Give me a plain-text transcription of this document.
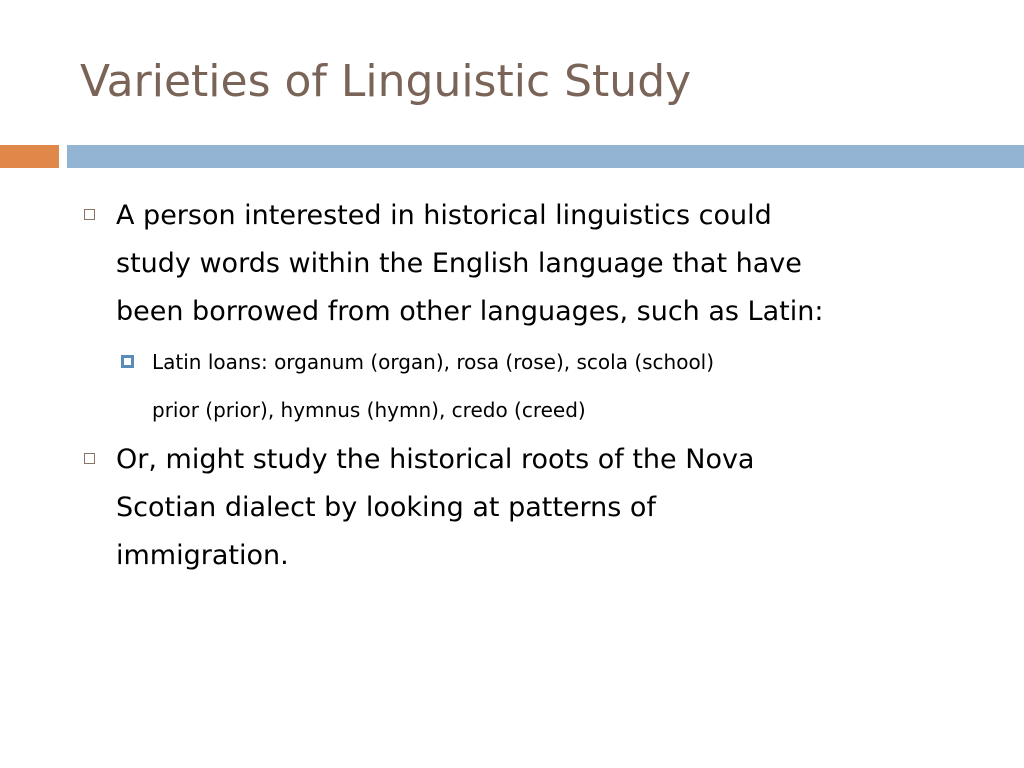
Varieties of Linguistic Study
A person interested in historical linguistics could
study words within the English language that have
been borrowed from other languages, such as Latin:
Latin loans: organum (organ), rosa (rose), scola (school)
prior (prior), hymnus (hymn), credo (creed)
Or, might study the historical roots of the Nova
Scotian dialect by looking at patterns of
immigration.
